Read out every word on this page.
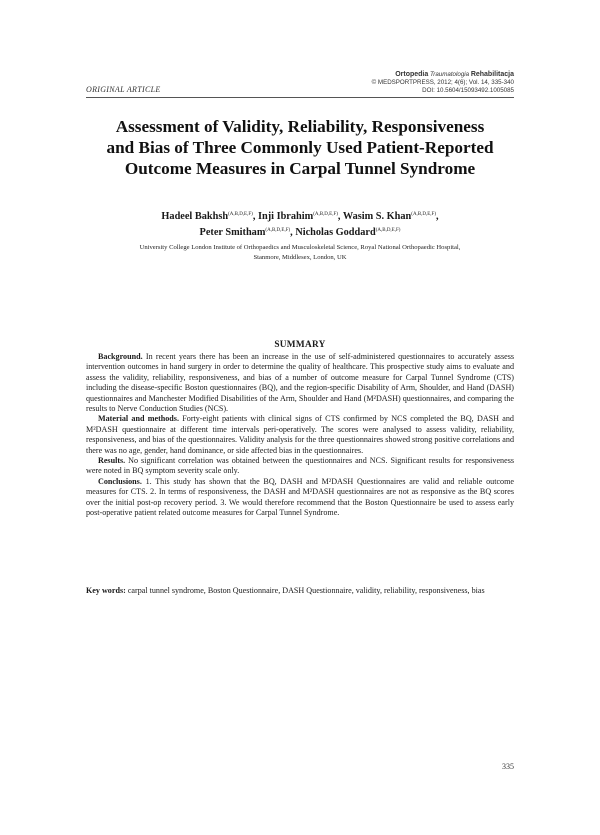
ORIGINAL ARTICLE
Ortopedia Traumatologia Rehabilitacja
© MEDSPORTPRESS, 2012; 4(6); Vol. 14, 335-340
DOI: 10.5604/15093492.1005085
Assessment of Validity, Reliability, Responsiveness
and Bias of Three Commonly Used Patient-Reported
Outcome Measures in Carpal Tunnel Syndrome
Hadeel Bakhsh$^{(A,B,D,E,F)}$, Inji Ibrahim$^{(A,B,D,E,F)}$, Wasim S. Khan$^{(A,B,D,E,F)}$,
Peter Smitham$^{(A,B,D,E,F)}$, Nicholas Goddard$^{(A,B,D,E,F)}$
University College London Institute of Orthopaedics and Musculoskeletal Science, Royal National Orthopaedic Hospital,
Stanmore, Middlesex, London, UK
SUMMARY

Background. In recent years there has been an increase in the use of self-administered questionnaires to accurately assess intervention outcomes in hand surgery in order to determine the quality of healthcare. This prospective study aims to evaluate and assess the validity, reliability, responsiveness, and bias of a number of outcome measure for Carpal Tunnel Syndrome (CTS) including the disease-specific Boston questionnaires (BQ), and the region-specific Disability of Arm, Shoulder, and Hand (DASH) questionnaires and Manchester Modified Disabilities of the Arm, Shoulder and Hand (M²DASH) questionnaires, and comparing the results to Nerve Conduction Studies (NCS).

Material and methods. Forty-eight patients with clinical signs of CTS confirmed by NCS completed the BQ, DASH and M²DASH questionnaire at different time intervals peri-operatively. The scores were analysed to assess validity, reliability, responsiveness, and bias of the questionnaires. Validity analysis for the three questionnaires showed strong positive correlations and there was no age, gender, hand dominance, or side affected bias in the questionnaires.

Results. No significant correlation was obtained between the questionnaires and NCS. Significant results for responsiveness were noted in BQ symptom severity scale only.

Conclusions. 1. This study has shown that the BQ, DASH and M²DASH Questionnaires are valid and reliable outcome measures for CTS. 2. In terms of responsiveness, the DASH and M²DASH questionnaires are not as responsive as the BQ scores over the initial post-op recovery period. 3. We would therefore recommend that the Boston Questionnaire be used to assess early post-operative patient related outcome measures for Carpal Tunnel Syndrome.

Key words: carpal tunnel syndrome, Boston Questionnaire, DASH Questionnaire, validity, reliability, responsiveness, bias
335
